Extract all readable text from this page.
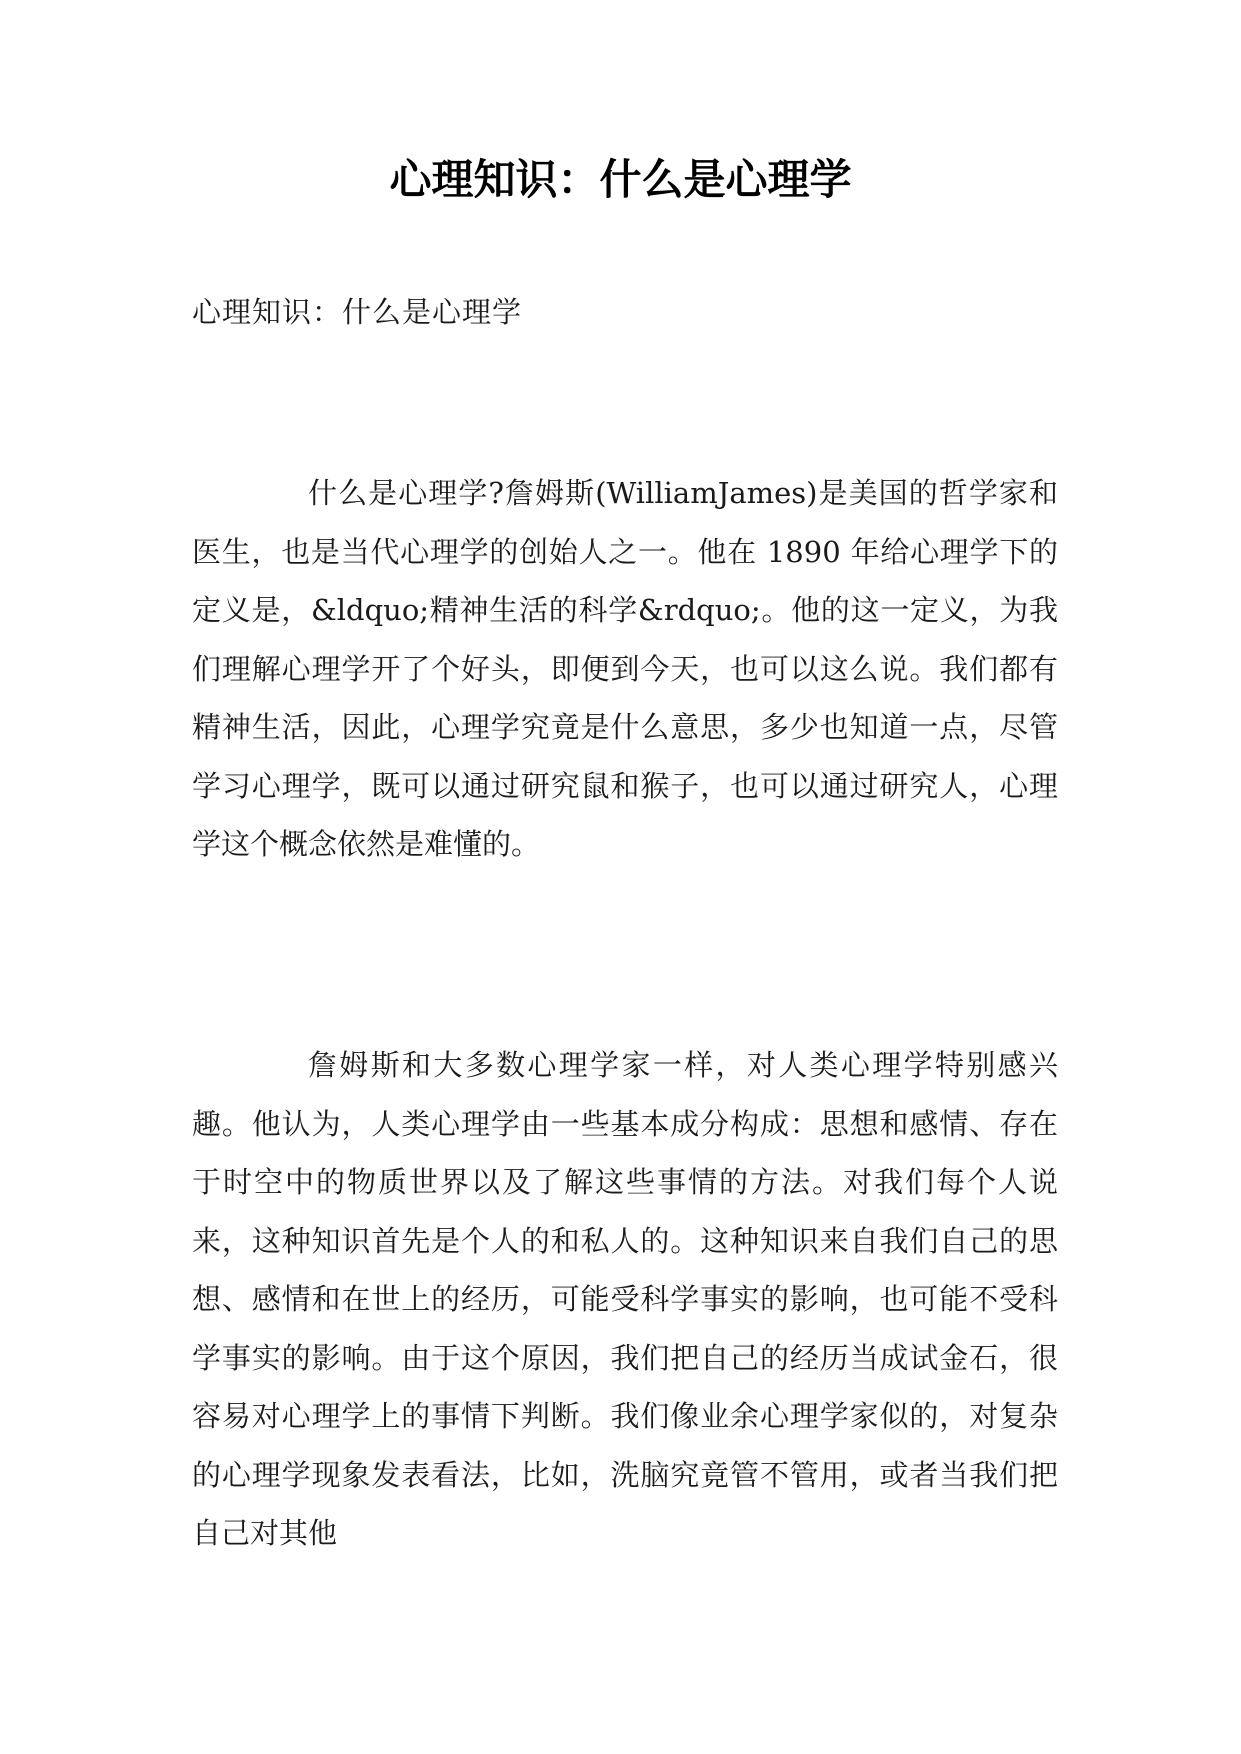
心理知识：什么是心理学
心理知识：什么是心理学

什么是心理学?詹姆斯(WilliamJames)是美国的哲学家和医生，也是当代心理学的创始人之一。他在 1890 年给心理学下的定义是，&ldquo;精神生活的科学&rdquo;。他的这一定义，为我们理解心理学开了个好头，即便到今天，也可以这么说。我们都有精神生活，因此，心理学究竟是什么意思，多少也知道一点，尽管学习心理学，既可以通过研究鼠和猴子，也可以通过研究人，心理学这个概念依然是难懂的。

詹姆斯和大多数心理学家一样，对人类心理学特别感兴趣。他认为，人类心理学由一些基本成分构成：思想和感情、存在于时空中的物质世界以及了解这些事情的方法。对我们每个人说来，这种知识首先是个人的和私人的。这种知识来自我们自己的思想、感情和在世上的经历，可能受科学事实的影响，也可能不受科学事实的影响。由于这个原因，我们把自己的经历当成试金石，很容易对心理学上的事情下判断。我们像业余心理学家似的，对复杂的心理学现象发表看法，比如，洗脑究竟管不管用，或者当我们把自己对其他
